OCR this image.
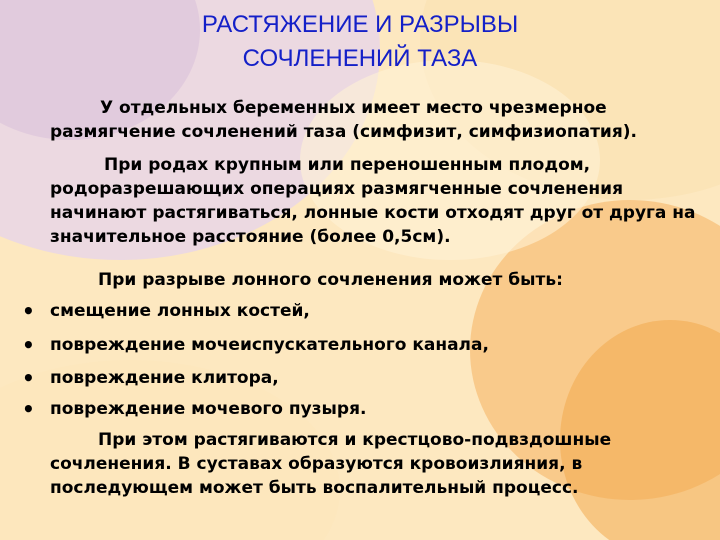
РАСТЯЖЕНИЕ И РАЗРЫВЫ
СОЧЛЕНЕНИЙ ТАЗА
У отдельных беременных имеет место чрезмерное размягчение сочленений таза (симфизит, симфизиопатия).
При родах крупным или переношенным плодом, родоразрешающих операциях размягченные сочленения начинают растягиваться, лонные кости отходят друг от друга на значительное расстояние (более 0,5см).
При разрыве лонного сочленения может быть:
• смещение лонных костей,
• повреждение мочеиспускательного канала,
• повреждение клитора,
• повреждение мочевого пузыря.
При этом растягиваются и крестцово-подвздошные сочленения. В суставах образуются кровоизлияния, в последующем может быть воспалительный процесс.
